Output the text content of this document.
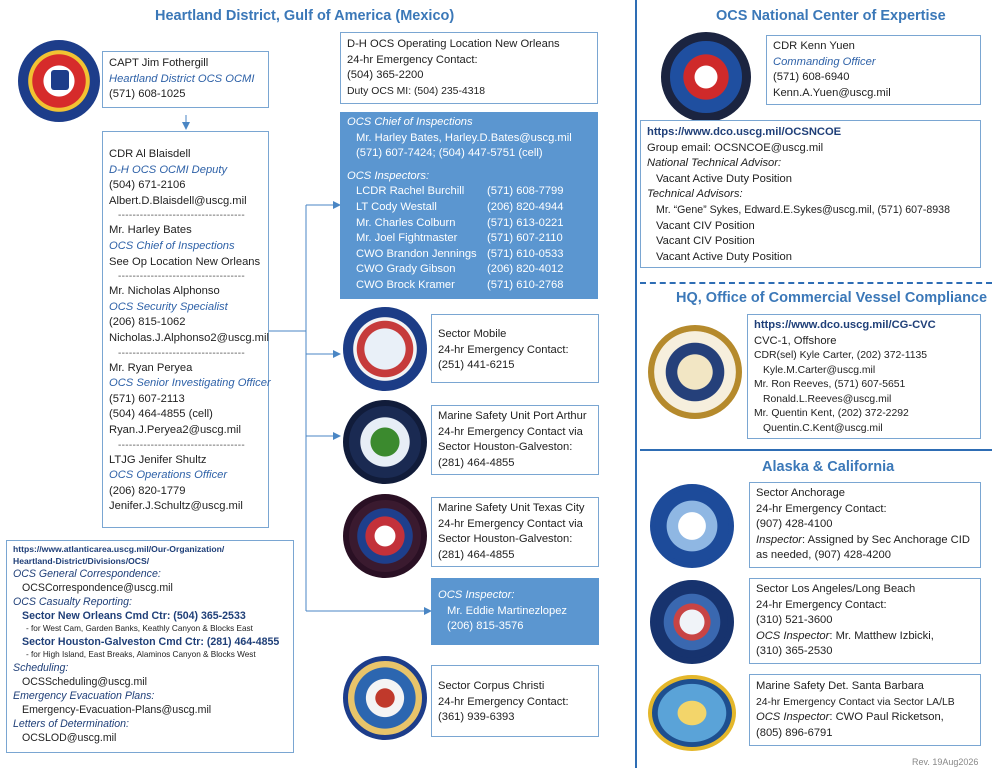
Heartland District, Gulf of America (Mexico)	OCS National Center of Expertise
HQ, Office of Commercial Vessel Compliance
Alaska & California
CAPT Jim Fothergill
Heartland District OCS OCMI
(571) 608-1025
CDR Al Blaisdell
D-H OCS OCMI Deputy
(504) 671-2106
Albert.D.Blaisdell@uscg.mil
-----------------------------------
Mr. Harley Bates
OCS Chief of Inspections
See Op Location New Orleans
-----------------------------------
Mr. Nicholas Alphonso
OCS Security Specialist
(206) 815-1062
Nicholas.J.Alphonso2@uscg.mil
-----------------------------------
Mr. Ryan Peryea
OCS Senior Investigating Officer
(571) 607-2113
(504) 464-4855 (cell)
Ryan.J.Peryea2@uscg.mil
-----------------------------------
LTJG Jenifer Shultz
OCS Operations Officer
(206) 820-1779
Jenifer.J.Schultz@uscg.mil
https://www.atlanticarea.uscg.mil/Our-Organization/ Heartland-District/Divisions/OCS/
OCS General Correspondence:
OCSCorrespondence@uscg.mil
OCS Casualty Reporting:
Sector New Orleans Cmd Ctr: (504) 365-2533
- for West Cam, Garden Banks, Keathly Canyon & Blocks East
Sector Houston-Galveston Cmd Ctr: (281) 464-4855
- for High Island, East Breaks, Alaminos Canyon & Blocks West
Scheduling:
OCSScheduling@uscg.mil
Emergency Evacuation Plans:
Emergency-Evacuation-Plans@uscg.mil
Letters of Determination:
OCSLOD@uscg.mil
D-H OCS Operating Location New Orleans
24-hr Emergency Contact:
(504) 365-2200
Duty OCS MI: (504) 235-4318
OCS Chief of Inspections
Mr. Harley Bates, Harley.D.Bates@uscg.mil
(571) 607-7424; (504) 447-5751 (cell)
OCS Inspectors:
LCDR Rachel Burchill	(571) 608-7799
LT Cody Westall	(206) 820-4944
Mr. Charles Colburn	(571) 613-0221
Mr. Joel Fightmaster	(571) 607-2110
CWO Brandon Jennings (571) 610-0533
CWO Grady Gibson	(206) 820-4012
CWO Brock Kramer	(571) 610-2768
Sector Mobile
24-hr Emergency Contact:
(251) 441-6215
Marine Safety Unit Port Arthur
24-hr Emergency Contact via
Sector Houston-Galveston:
(281) 464-4855
Marine Safety Unit Texas City
24-hr Emergency Contact via
Sector Houston-Galveston:
(281) 464-4855
OCS Inspector:
Mr. Eddie Martinezlopez
(206) 815-3576
Sector Corpus Christi
24-hr Emergency Contact:
(361) 939-6393
CDR Kenn Yuen
Commanding Officer
(571) 608-6940
Kenn.A.Yuen@uscg.mil
https://www.dco.uscg.mil/OCSNCOE
Group email: OCSNCOE@uscg.mil
National Technical Advisor:
Vacant Active Duty Position
Technical Advisors:
Mr. “Gene” Sykes, Edward.E.Sykes@uscg.mil, (571) 607-8938
Vacant CIV Position
Vacant CIV Position
Vacant Active Duty Position
https://www.dco.uscg.mil/CG-CVC
CVC-1, Offshore
CDR(sel) Kyle Carter, (202) 372-1135
Kyle.M.Carter@uscg.mil
Mr. Ron Reeves, (571) 607-5651
Ronald.L.Reeves@uscg.mil
Mr. Quentin Kent, (202) 372-2292
Quentin.C.Kent@uscg.mil
Sector Anchorage
24-hr Emergency Contact:
(907) 428-4100
Inspector: Assigned by Sec Anchorage CID
as needed, (907) 428-4200
Sector Los Angeles/Long Beach
24-hr Emergency Contact:
(310) 521-3600
OCS Inspector: Mr. Matthew Izbicki,
(310) 365-2530
Marine Safety Det. Santa Barbara
24-hr Emergency Contact via Sector LA/LB
OCS Inspector: CWO Paul Ricketson,
(805) 896-6791
Rev. 19Aug2026
